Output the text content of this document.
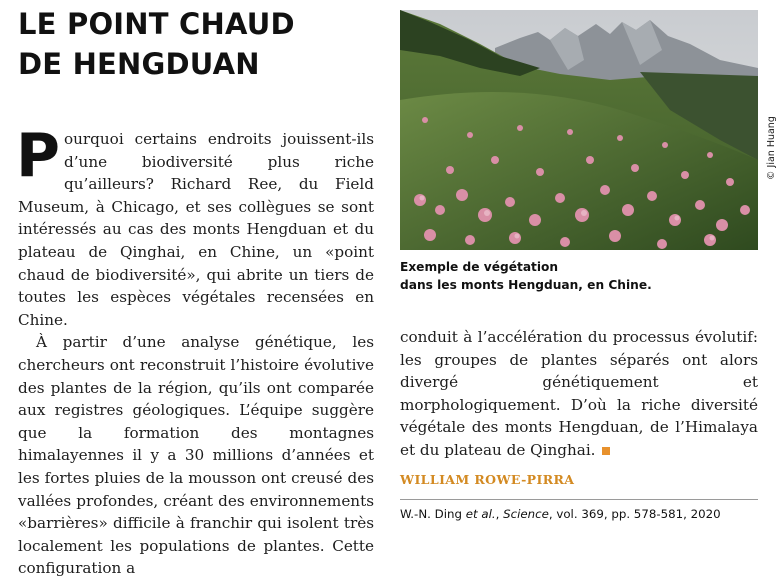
LE POINT CHAUD
DE HENGDUAN

Pourquoi certains endroits jouissent-ils d’une biodiversité plus riche qu’ailleurs? Richard Ree, du Field Museum, à Chicago, et ses collègues se sont intéressés au cas des monts Hengduan et du plateau de Qinghai, en Chine, un «point chaud de biodiversité», qui abrite un tiers de toutes les espèces végétales recensées en Chine.

À partir d’une analyse génétique, les chercheurs ont reconstruit l’histoire évolutive des plantes de la région, qu’ils ont comparée aux registres géologiques. L’équipe suggère que la formation des montagnes himalayennes il y a 30 millions d’années et les fortes pluies de la mousson ont creusé des vallées profondes, créant des environnements «barrières» difficile à franchir qui isolent très localement les populations de plantes. Cette configuration a

© Jian Huang
Exemple de végétation
dans les monts Hengduan, en Chine.

conduit à l’accélération du processus évolutif: les groupes de plantes séparés ont alors divergé génétiquement et morphologiquement. D’où la riche diversité végétale des monts Hengduan, de l’Himalaya et du plateau de Qinghai.

WILLIAM ROWE-PIRRA
W.-N. Ding et al., Science, vol. 369, pp. 578-581, 2020
